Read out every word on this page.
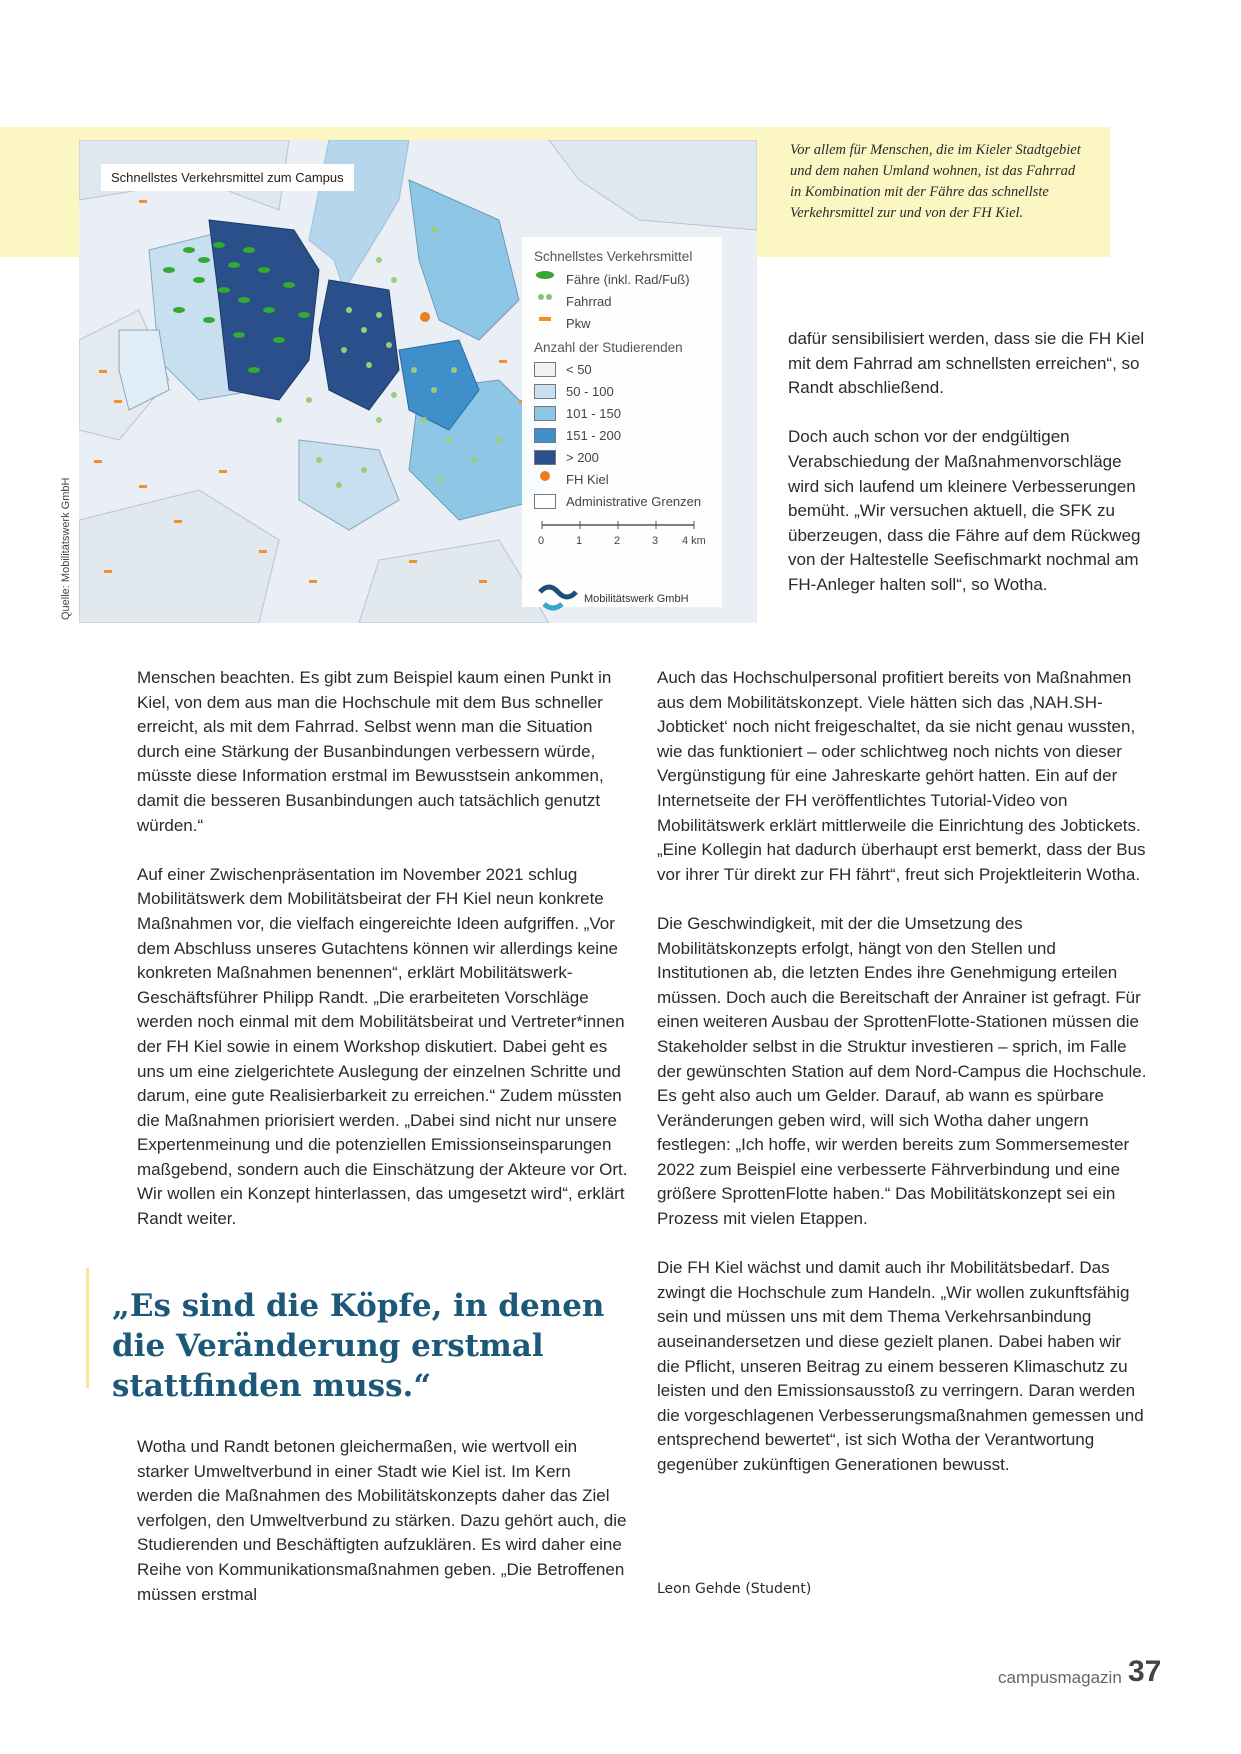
Vor allem für Menschen, die im Kieler Stadtgebiet und dem nahen Umland wohnen, ist das Fahrrad in Kombination mit der Fähre das schnellste Verkehrsmittel zur und von der FH Kiel.
Schnellstes Verkehrsmittel zum Campus
Schnellstes Verkehrsmittel
Fähre (inkl. Rad/Fuß)
Fahrrad
Pkw
Anzahl der Studierenden
< 50
50 - 100
101 - 150
151 - 200
> 200
FH Kiel
Administrative Grenzen
0	1	2	3 4 km
Mobilitätswerk GmbH
Quelle: Mobilitätswerk GmbH

dafür sensibilisiert werden, dass sie die FH Kiel mit dem Fahrrad am schnellsten erreichen“, so Randt abschließend.

Doch auch schon vor der endgültigen Verabschiedung der Maßnahmenvorschläge wird sich laufend um kleinere Verbesserungen bemüht. „Wir versuchen aktuell, die SFK zu überzeugen, dass die Fähre auf dem Rückweg von der Haltestelle Seefischmarkt nochmal am FH-Anleger halten soll“, so Wotha.

Menschen beachten. Es gibt zum Beispiel kaum einen Punkt in Kiel, von dem aus man die Hochschule mit dem Bus schneller erreicht, als mit dem Fahrrad. Selbst wenn man die Situation durch eine Stärkung der Busanbindungen verbessern würde, müsste diese Information erstmal im Bewusstsein ankommen, damit die besseren Busanbindungen auch tatsächlich genutzt würden.“

Auf einer Zwischenpräsentation im November 2021 schlug Mobilitätswerk dem Mobilitätsbeirat der FH Kiel neun konkrete Maßnahmen vor, die vielfach eingereichte Ideen aufgriffen. „Vor dem Abschluss unseres Gutachtens können wir allerdings keine konkreten Maßnahmen benennen“, erklärt Mobilitätswerk-Geschäftsführer Philipp Randt. „Die erarbeiteten Vorschläge werden noch einmal mit dem Mobilitätsbeirat und Vertreter*innen der FH Kiel sowie in einem Workshop diskutiert. Dabei geht es uns um eine zielgerichtete Auslegung der einzelnen Schritte und darum, eine gute Realisierbarkeit zu erreichen.“ Zudem müssten die Maßnahmen priorisiert werden. „Dabei sind nicht nur unsere Expertenmeinung und die potenziellen Emissionseinsparungen maßgebend, sondern auch die Einschätzung der Akteure vor Ort. Wir wollen ein Konzept hinterlassen, das umgesetzt wird“, erklärt Randt weiter.

„Es sind die Köpfe, in denen die Veränderung erstmal stattfinden muss.“

Wotha und Randt betonen gleichermaßen, wie wertvoll ein starker Umweltverbund in einer Stadt wie Kiel ist. Im Kern werden die Maßnahmen des Mobilitätskonzepts daher das Ziel verfolgen, den Umweltverbund zu stärken. Dazu gehört auch, die Studierenden und Beschäftigten aufzuklären. Es wird daher eine Reihe von Kommunikationsmaßnahmen geben. „Die Betroffenen müssen erstmal

Auch das Hochschulpersonal profitiert bereits von Maßnahmen aus dem Mobilitätskonzept. Viele hätten sich das ‚NAH.SH-Jobticket‘ noch nicht freigeschaltet, da sie nicht genau wussten, wie das funktioniert – oder schlichtweg noch nichts von dieser Vergünstigung für eine Jahreskarte gehört hatten. Ein auf der Internetseite der FH veröffentlichtes Tutorial-Video von Mobilitätswerk erklärt mittlerweile die Einrichtung des Jobtickets. „Eine Kollegin hat dadurch überhaupt erst bemerkt, dass der Bus vor ihrer Tür direkt zur FH fährt“, freut sich Projektleiterin Wotha.

Die Geschwindigkeit, mit der die Umsetzung des Mobilitätskonzepts erfolgt, hängt von den Stellen und Institutionen ab, die letzten Endes ihre Genehmigung erteilen müssen. Doch auch die Bereitschaft der Anrainer ist gefragt. Für einen weiteren Ausbau der SprottenFlotte-Stationen müssen die Stakeholder selbst in die Struktur investieren – sprich, im Falle der gewünschten Station auf dem Nord-Campus die Hochschule. Es geht also auch um Gelder. Darauf, ab wann es spürbare Veränderungen geben wird, will sich Wotha daher ungern festlegen: „Ich hoffe, wir werden bereits zum Sommersemester 2022 zum Beispiel eine verbesserte Fährverbindung und eine größere SprottenFlotte haben.“ Das Mobilitätskonzept sei ein Prozess mit vielen Etappen.

Die FH Kiel wächst und damit auch ihr Mobilitätsbedarf. Das zwingt die Hochschule zum Handeln. „Wir wollen zukunftsfähig sein und müssen uns mit dem Thema Verkehrsanbindung auseinandersetzen und diese gezielt planen. Dabei haben wir die Pflicht, unseren Beitrag zu einem besseren Klimaschutz zu leisten und den Emissionsausstoß zu verringern. Daran werden die vorgeschlagenen Verbesserungsmaßnahmen gemessen und entsprechend bewertet“, ist sich Wotha der Verantwortung gegenüber zukünftigen Generationen bewusst.

Leon Gehde (Student)
campusmagazin 37
